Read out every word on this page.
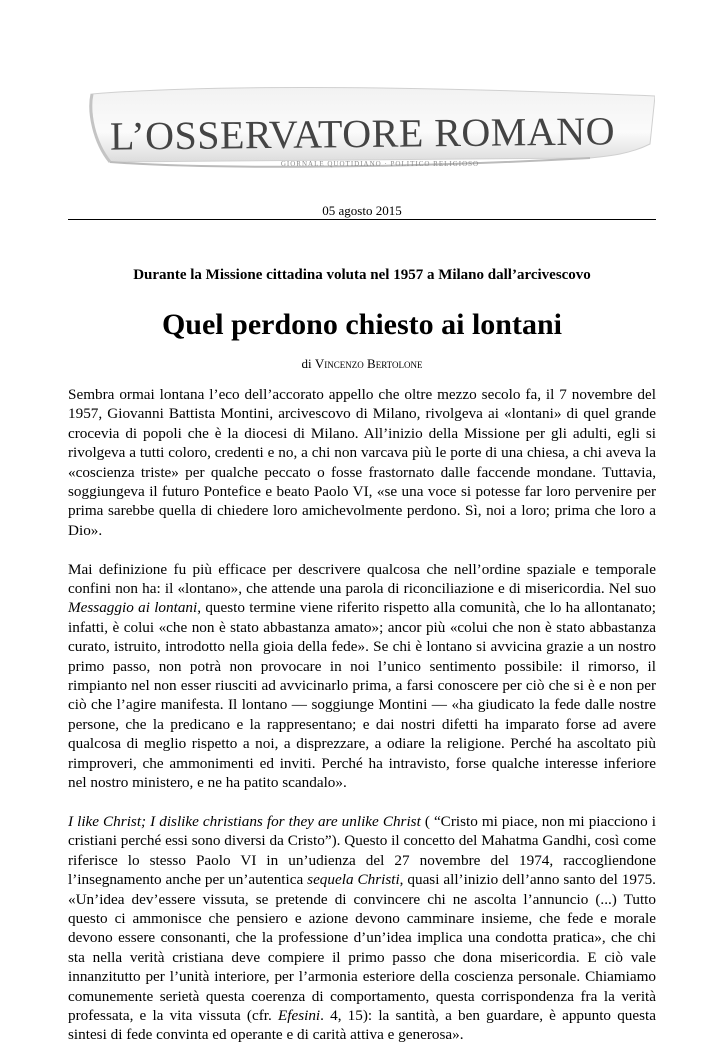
L’OSSERVATORE ROMANO
GIORNALE QUOTIDIANO · POLITICO RELIGIOSO
05 agosto 2015
Durante la Missione cittadina voluta nel 1957 a Milano dall’arcivescovo
Quel perdono chiesto ai lontani
di Vincenzo Bertolone

Sembra ormai lontana l’eco dell’accorato appello che oltre mezzo secolo fa, il 7 novembre del 1957, Giovanni Battista Montini, arcivescovo di Milano, rivolgeva ai «lontani» di quel grande crocevia di popoli che è la diocesi di Milano. All’inizio della Missione per gli adulti, egli si rivolgeva a tutti coloro, credenti e no, a chi non varcava più le porte di una chiesa, a chi aveva la «coscienza triste» per qualche peccato o fosse frastornato dalle faccende mondane. Tuttavia, soggiungeva il futuro Pontefice e beato Paolo VI, «se una voce si potesse far loro pervenire per prima sarebbe quella di chiedere loro amichevolmente perdono. Sì, noi a loro; prima che loro a Dio».

Mai definizione fu più efficace per descrivere qualcosa che nell’ordine spaziale e temporale confini non ha: il «lontano», che attende una parola di riconciliazione e di misericordia. Nel suo Messaggio ai lontani, questo termine viene riferito rispetto alla comunità, che lo ha allontanato; infatti, è colui «che non è stato abbastanza amato»; ancor più «colui che non è stato abbastanza curato, istruito, introdotto nella gioia della fede». Se chi è lontano si avvicina grazie a un nostro primo passo, non potrà non provocare in noi l’unico sentimento possibile: il rimorso, il rimpianto nel non esser riusciti ad avvicinarlo prima, a farsi conoscere per ciò che si è e non per ciò che l’agire manifesta. Il lontano — soggiunge Montini — «ha giudicato la fede dalle nostre persone, che la predicano e la rappresentano; e dai nostri difetti ha imparato forse ad avere qualcosa di meglio rispetto a noi, a disprezzare, a odiare la religione. Perché ha ascoltato più rimproveri, che ammonimenti ed inviti. Perché ha intravisto, forse qualche interesse inferiore nel nostro ministero, e ne ha patito scandalo».

I like Christ; I dislike christians for they are unlike Christ ( “Cristo mi piace, non mi piacciono i cristiani perché essi sono diversi da Cristo”). Questo il concetto del Mahatma Gandhi, così come riferisce lo stesso Paolo VI in un’udienza del 27 novembre del 1974, raccogliendone l’insegnamento anche per un’autentica sequela Christi, quasi all’inizio dell’anno santo del 1975. «Un’idea dev’essere vissuta, se pretende di convincere chi ne ascolta l’annuncio (...) Tutto questo ci ammonisce che pensiero e azione devono camminare insieme, che fede e morale devono essere consonanti, che la professione d’un’idea implica una condotta pratica», che chi sta nella verità cristiana deve compiere il primo passo che dona misericordia. E ciò vale innanzitutto per l’unità interiore, per l’armonia esteriore della coscienza personale. Chiamiamo comunemente serietà questa coerenza di comportamento, questa corrispondenza fra la verità professata, e la vita vissuta (cfr. Efesini. 4, 15): la santità, a ben guardare, è appunto questa sintesi di fede convinta ed operante e di carità attiva e generosa».
